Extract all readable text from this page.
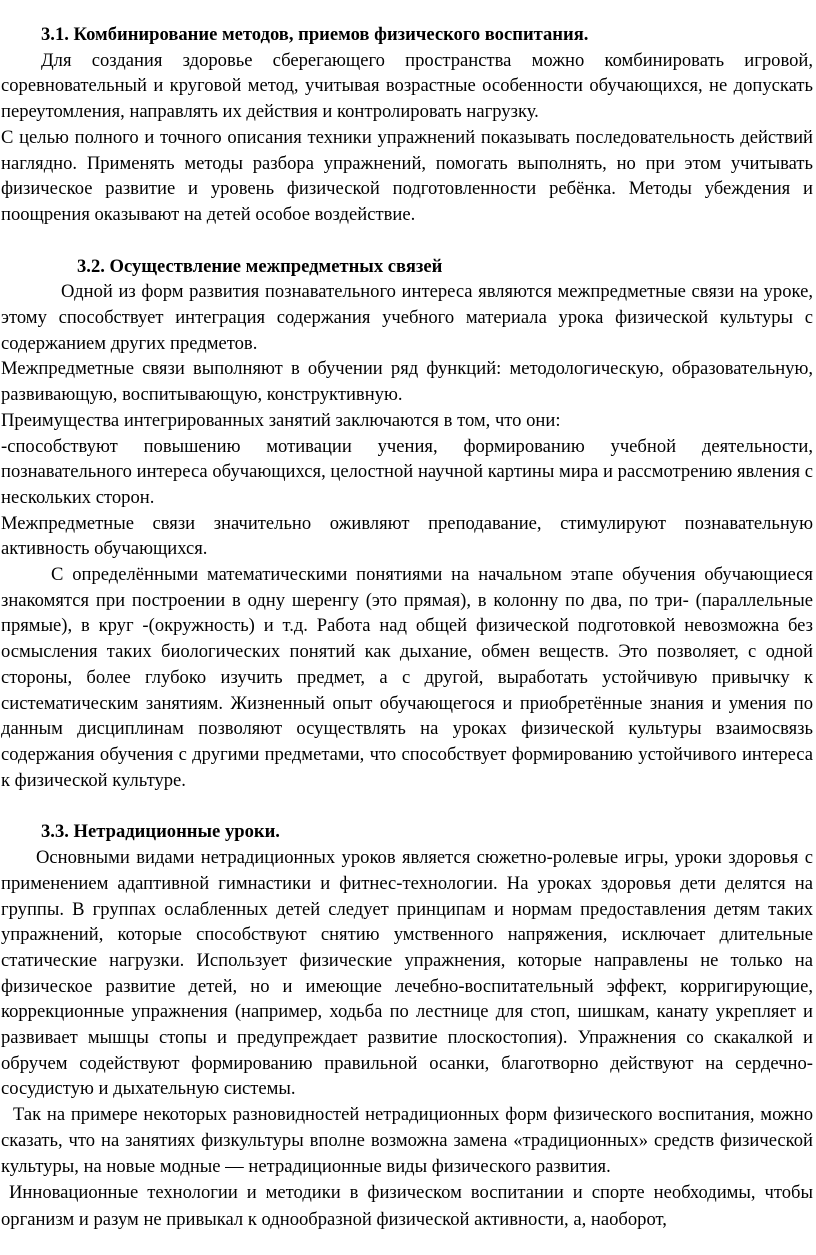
3.1. Комбинирование методов, приемов физического воспитания.

Для создания здоровье сберегающего пространства можно комбинировать игровой, соревновательный и круговой метод, учитывая возрастные особенности обучающихся, не допускать переутомления, направлять их действия и контролировать нагрузку.

С целью полного и точного описания техники упражнений показывать последовательность действий наглядно. Применять методы разбора упражнений, помогать выполнять, но при этом учитывать физическое развитие и уровень физической подготовленности ребёнка. Методы убеждения и поощрения оказывают на детей особое воздействие.

3.2. Осуществление межпредметных связей

Одной из форм развития познавательного интереса являются межпредметные связи на уроке, этому способствует интеграция содержания учебного материала урока физической культуры с содержанием других предметов.

Межпредметные связи выполняют в обучении ряд функций: методологическую, образовательную, развивающую, воспитывающую, конструктивную.

Преимущества интегрированных занятий заключаются в том, что они:

-способствуют повышению мотивации учения, формированию учебной деятельности, познавательного интереса обучающихся, целостной научной картины мира и рассмотрению явления с нескольких сторон.

Межпредметные связи значительно оживляют преподавание, стимулируют познавательную активность обучающихся.

С определёнными математическими понятиями на начальном этапе обучения обучающиеся знакомятся при построении в одну шеренгу (это прямая), в колонну по два, по три- (параллельные прямые), в круг -(окружность) и т.д. Работа над общей физической подготовкой невозможна без осмысления таких биологических понятий как дыхание, обмен веществ. Это позволяет, с одной стороны, более глубоко изучить предмет, а с другой, выработать устойчивую привычку к систематическим занятиям. Жизненный опыт обучающегося и приобретённые знания и умения по данным дисциплинам позволяют осуществлять на уроках физической культуры взаимосвязь содержания обучения с другими предметами, что способствует формированию устойчивого интереса к физической культуре.

3.3. Нетрадиционные уроки.

Основными видами нетрадиционных уроков является сюжетно-ролевые игры, уроки здоровья с применением адаптивной гимнастики и фитнес-технологии. На уроках здоровья дети делятся на группы. В группах ослабленных детей следует принципам и нормам предоставления детям таких упражнений, которые способствуют снятию умственного напряжения, исключает длительные статические нагрузки. Использует физические упражнения, которые направлены не только на физическое развитие детей, но и имеющие лечебно-воспитательный эффект, корригирующие, коррекционные упражнения (например, ходьба по лестнице для стоп, шишкам, канату укрепляет и развивает мышцы стопы и предупреждает развитие плоскостопия). Упражнения со скакалкой и обручем содействуют формированию правильной осанки, благотворно действуют на сердечно- сосудистую и дыхательную системы.

Так на примере некоторых разновидностей нетрадиционных форм физического воспитания, можно сказать, что на занятиях физкультуры вполне возможна замена «традиционных» средств физической культуры, на новые модные — нетрадиционные виды физического развития.

Инновационные технологии и методики в физическом воспитании и спорте необходимы, чтобы организм и разум не привыкал к однообразной физической активности, а, наоборот,
